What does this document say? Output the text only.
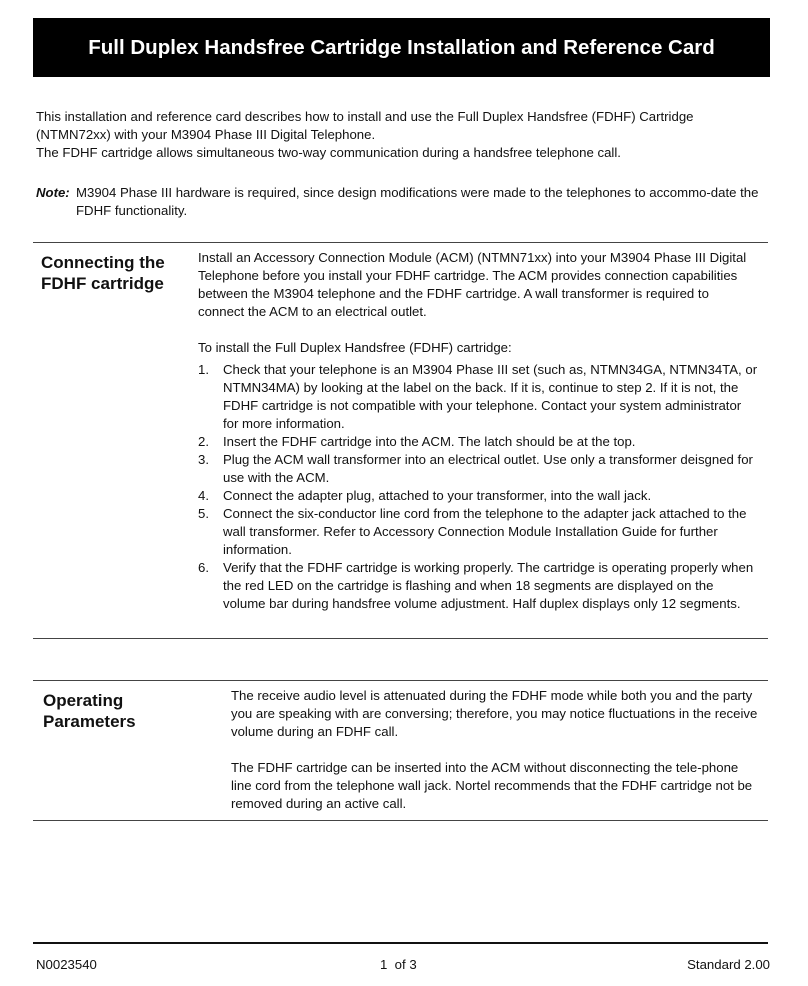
Full Duplex Handsfree Cartridge Installation and Reference Card

This installation and reference card describes how to install and use the Full Duplex Handsfree (FDHF) Cartridge (NTMN72xx) with your M3904 Phase III Digital Telephone.

The FDHF cartridge allows simultaneous two-way communication during a handsfree telephone call.

Note: M3904 Phase III hardware is required, since design modifications were made to the telephones to accommo-date the FDHF functionality.
Connecting the FDHF cartridge

Install an Accessory Connection Module (ACM) (NTMN71xx) into your M3904 Phase III Digital Telephone before you install your FDHF cartridge. The ACM provides connection capabilities between the M3904 telephone and the FDHF cartridge. A wall transformer is required to connect the ACM to an electrical outlet.

To install the Full Duplex Handsfree (FDHF) cartridge:

1.	Check that your telephone is an M3904 Phase III set (such as, NTMN34GA, NTMN34TA, or NTMN34MA) by looking at the label on the back. If it is, continue to step 2. If it is not, the FDHF cartridge is not compatible with your telephone. Contact your system administrator for more information.
2.	Insert the FDHF cartridge into the ACM. The latch should be at the top.
3.	Plug the ACM wall transformer into an electrical outlet. Use only a transformer deisgned for use with the ACM.
4.	Connect the adapter plug, attached to your transformer, into the wall jack.
5.	Connect the six-conductor line cord from the telephone to the adapter jack attached to the wall transformer. Refer to Accessory Connection Module Installation Guide for further information.
6.	Verify that the FDHF cartridge is working properly. The cartridge is operating properly when the red LED on the cartridge is flashing and when 18 segments are displayed on the volume bar during handsfree volume adjustment. Half duplex displays only 12 segments.
Operating Parameters

The receive audio level is attenuated during the FDHF mode while both you and the party you are speaking with are conversing; therefore, you may notice fluctuations in the receive volume during an FDHF call.

The FDHF cartridge can be inserted into the ACM without disconnecting the tele-phone line cord from the telephone wall jack. Nortel recommends that the FDHF cartridge not be removed during an active call.

N0023540	1  of 3	Standard 2.00
